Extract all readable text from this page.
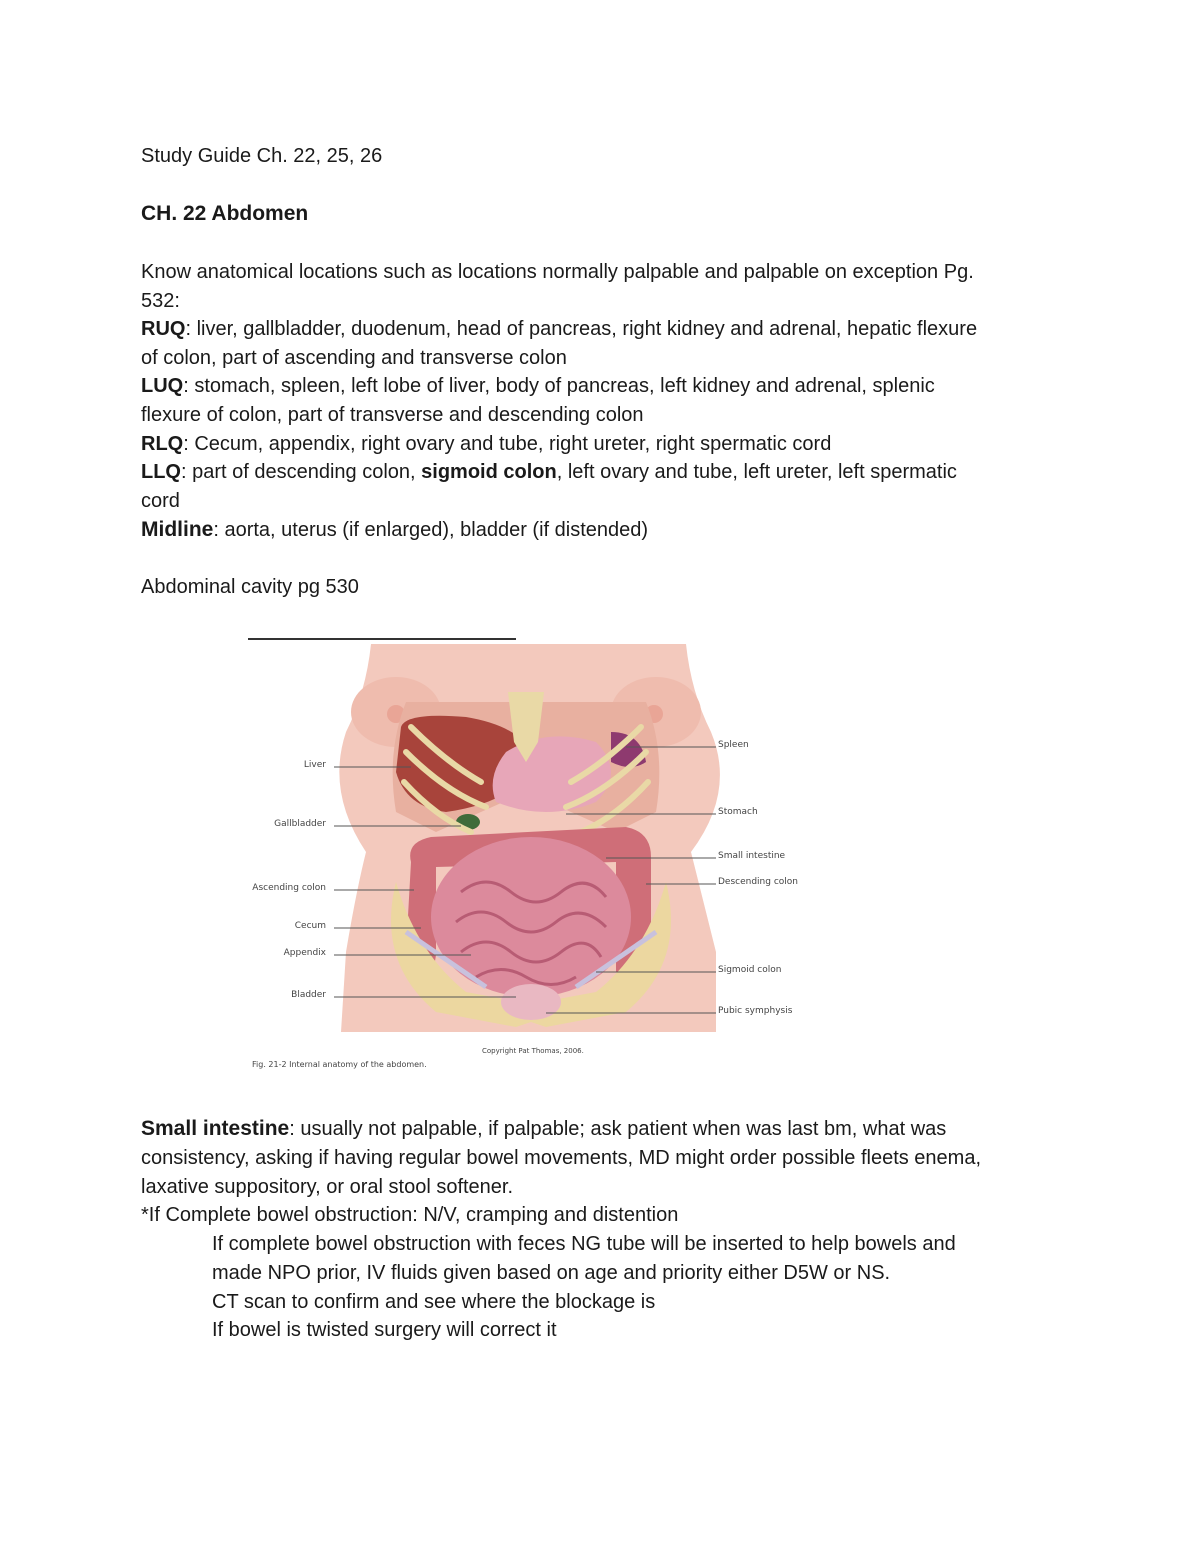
Study Guide Ch. 22, 25, 26
CH. 22 Abdomen
Know anatomical locations such as locations normally palpable and palpable on exception Pg.
532:
RUQ: liver, gallbladder, duodenum, head of pancreas, right kidney and adrenal, hepatic flexure
of colon, part of ascending and transverse colon
LUQ: stomach, spleen, left lobe of liver, body of pancreas, left kidney and adrenal, splenic
flexure of colon, part of transverse and descending colon
RLQ: Cecum, appendix, right ovary and tube, right ureter, right spermatic cord
LLQ: part of descending colon, sigmoid colon, left ovary and tube, left ureter, left spermatic
cord
Midline: aorta, uterus (if enlarged), bladder (if distended)
Abdominal cavity pg 530
Liver
Gallbladder
Ascending colon
Cecum
Appendix
Bladder
Spleen
Stomach
Small intestine
Descending colon
Sigmoid colon
Pubic symphysis
Copyright Pat Thomas, 2006.
Fig. 21-2 Internal anatomy of the abdomen.
Small intestine: usually not palpable, if palpable; ask patient when was last bm, what was
consistency, asking if having regular bowel movements, MD might order possible fleets enema,
laxative suppository, or oral stool softener.
*If Complete bowel obstruction: N/V, cramping and distention
If complete bowel obstruction with feces NG tube will be inserted to help bowels and
made NPO prior, IV fluids given based on age and priority either D5W or NS.
CT scan to confirm and see where the blockage is
If bowel is twisted surgery will correct it
